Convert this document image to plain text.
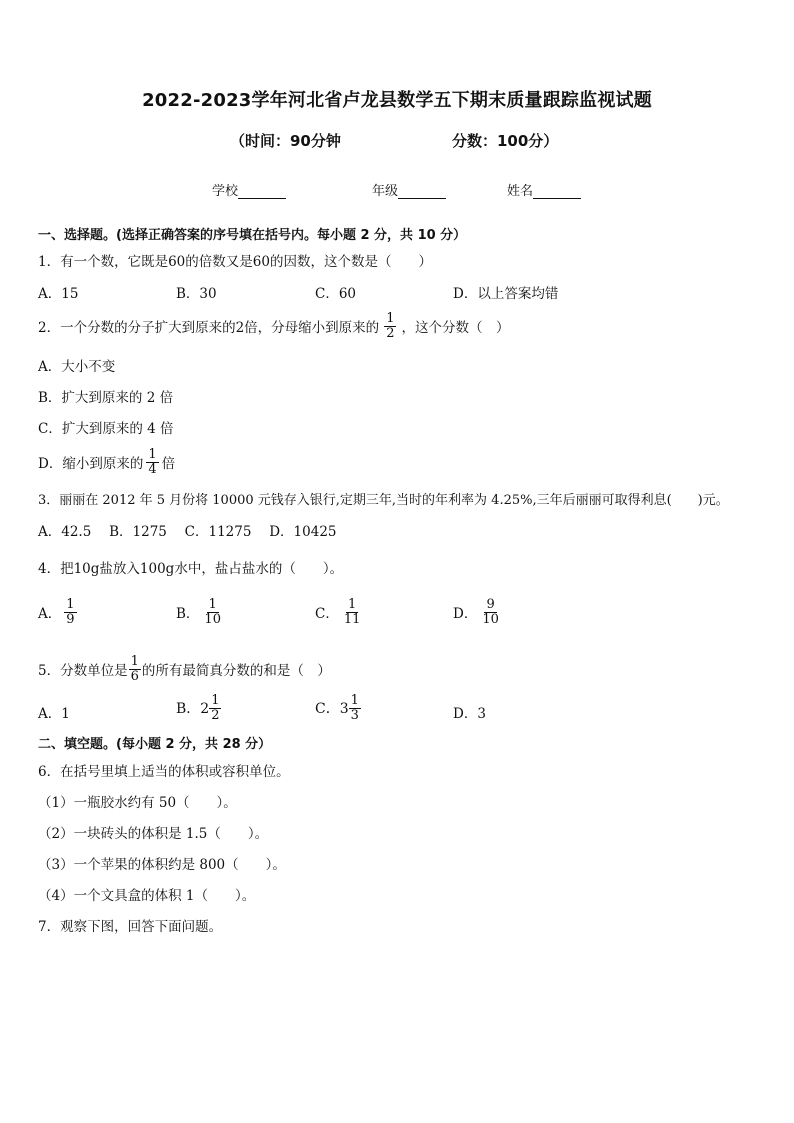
2022-2023学年河北省卢龙县数学五下期末质量跟踪监视试题
（时间：90分钟	分数：100分）
学校	年级	姓名
一、选择题。(选择正确答案的序号填在括号内。每小题 2 分，共 10 分）
1．有一个数，它既是60的倍数又是60的因数，这个数是（　　）
A．15	B．30	C．60	D．以上答案均错
2．一个分数的分子扩大到原来的2倍，分母缩小到原来的 $\frac{1}{2}$ ，这个分数（　）
A．大小不变
B．扩大到原来的 2 倍
C．扩大到原来的 4 倍
D．缩小到原来的 $\frac{1}{4}$ 倍
3．丽丽在 2012 年 5 月份将 10000 元钱存入银行,定期三年,当时的年利率为 4.25%,三年后丽丽可取得利息(　　)元。
A．42.5　 B．1275　 C．11275　 D．10425
4．把10g盐放入100g水中，盐占盐水的（　　）。
A． $\frac{1}{9}$	B． $\frac{1}{10}$	C． $\frac{1}{11}$	D． $\frac{9}{10}$
5．分数单位是 $\frac{1}{6}$ 的所有最简真分数的和是（　）
A．1	B．$2 \frac{1}{2}$	C．$3 \frac{1}{3}$	D．3
二、填空题。(每小题 2 分，共 28 分）
6．在括号里填上适当的体积或容积单位。
（1）一瓶胶水约有 50（　　）。
（2）一块砖头的体积是 1.5（　　）。
（3）一个苹果的体积约是 800（　　）。
（4）一个文具盒的体积 1（　　）。
7．观察下图，回答下面问题。
